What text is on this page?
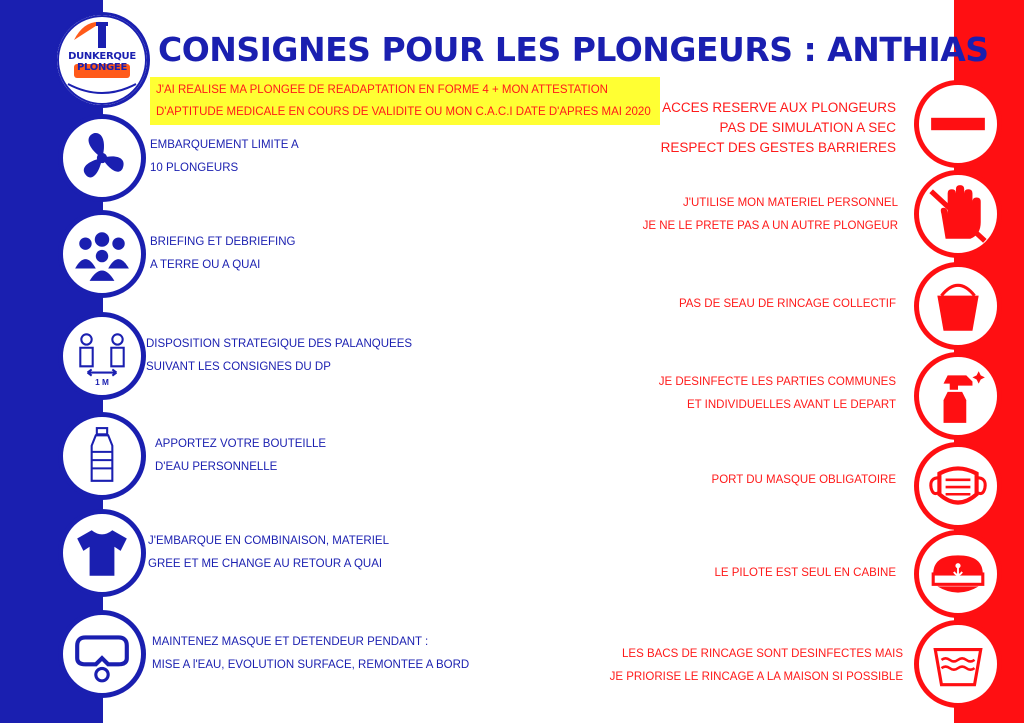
DUNKERQUE PLONGEE CONSIGNES POUR LES PLONGEURS : ANTHIAS
J'AI REALISE MA PLONGEE DE READAPTATION EN FORME 4 + MON ATTESTATION
D'APTITUDE MEDICALE EN COURS DE VALIDITE OU MON C.A.C.I DATE D'APRES MAI 2020
EMBARQUEMENT LIMITE A
10 PLONGEURS
BRIEFING ET DEBRIEFING
A TERRE OU A QUAI
1 M
DISPOSITION STRATEGIQUE DES PALANQUEES
SUIVANT LES CONSIGNES DU DP
APPORTEZ VOTRE BOUTEILLE
D'EAU PERSONNELLE
J'EMBARQUE EN COMBINAISON, MATERIEL
GREE ET ME CHANGE AU RETOUR A QUAI
MAINTENEZ MASQUE ET DETENDEUR PENDANT :
MISE A l'EAU, EVOLUTION SURFACE, REMONTEE A BORD
ACCES RESERVE AUX PLONGEURS
PAS DE SIMULATION A SEC
RESPECT DES GESTES BARRIERES
J'UTILISE MON MATERIEL PERSONNEL
JE NE LE PRETE PAS A UN AUTRE PLONGEUR
PAS DE SEAU DE RINCAGE COLLECTIF
JE DESINFECTE LES PARTIES COMMUNES
ET INDIVIDUELLES AVANT LE DEPART
PORT DU MASQUE OBLIGATOIRE
LE PILOTE EST SEUL EN CABINE
LES BACS DE RINCAGE SONT DESINFECTES MAIS
JE PRIORISE LE RINCAGE A LA MAISON SI POSSIBLE
